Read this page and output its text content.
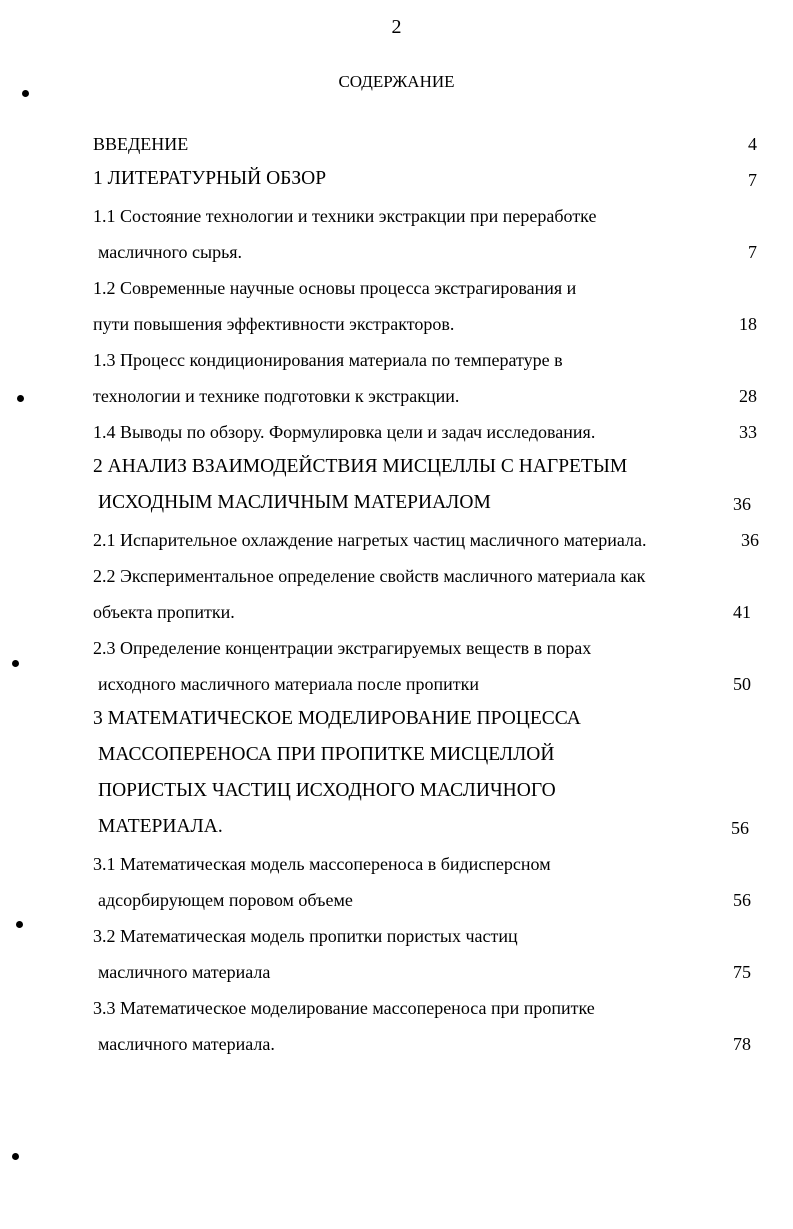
2
СОДЕРЖАНИЕ
ВВЕДЕНИЕ	4
1 ЛИТЕРАТУРНЫЙ ОБЗОР	7
1.1 Состояние технологии и техники экстракции при переработке
масличного сырья.	7
1.2 Современные научные основы процесса экстрагирования и
пути повышения эффективности экстракторов.	18
1.3 Процесс кондиционирования материала по температуре в
технологии и технике подготовки к экстракции.	28
1.4 Выводы по обзору. Формулировка цели и задач исследования.	33
2 АНАЛИЗ ВЗАИМОДЕЙСТВИЯ МИСЦЕЛЛЫ С НАГРЕТЫМ
ИСХОДНЫМ МАСЛИЧНЫМ МАТЕРИАЛОМ	36
2.1 Испарительное охлаждение нагретых частиц масличного материала.	36
2.2 Экспериментальное определение свойств масличного материала как
объекта пропитки.	41
2.3 Определение концентрации экстрагируемых веществ в порах
исходного масличного материала после пропитки	50
3 МАТЕМАТИЧЕСКОЕ МОДЕЛИРОВАНИЕ ПРОЦЕССА
МАССОПЕРЕНОСА ПРИ ПРОПИТКЕ МИСЦЕЛЛОЙ
ПОРИСТЫХ ЧАСТИЦ ИСХОДНОГО МАСЛИЧНОГО
МАТЕРИАЛА.	56
3.1 Математическая модель массопереноса в бидисперсном
адсорбирующем поровом объеме	56
3.2 Математическая модель пропитки пористых частиц
масличного материала	75
3.3 Математическое моделирование массопереноса при пропитке
масличного материала.	78
